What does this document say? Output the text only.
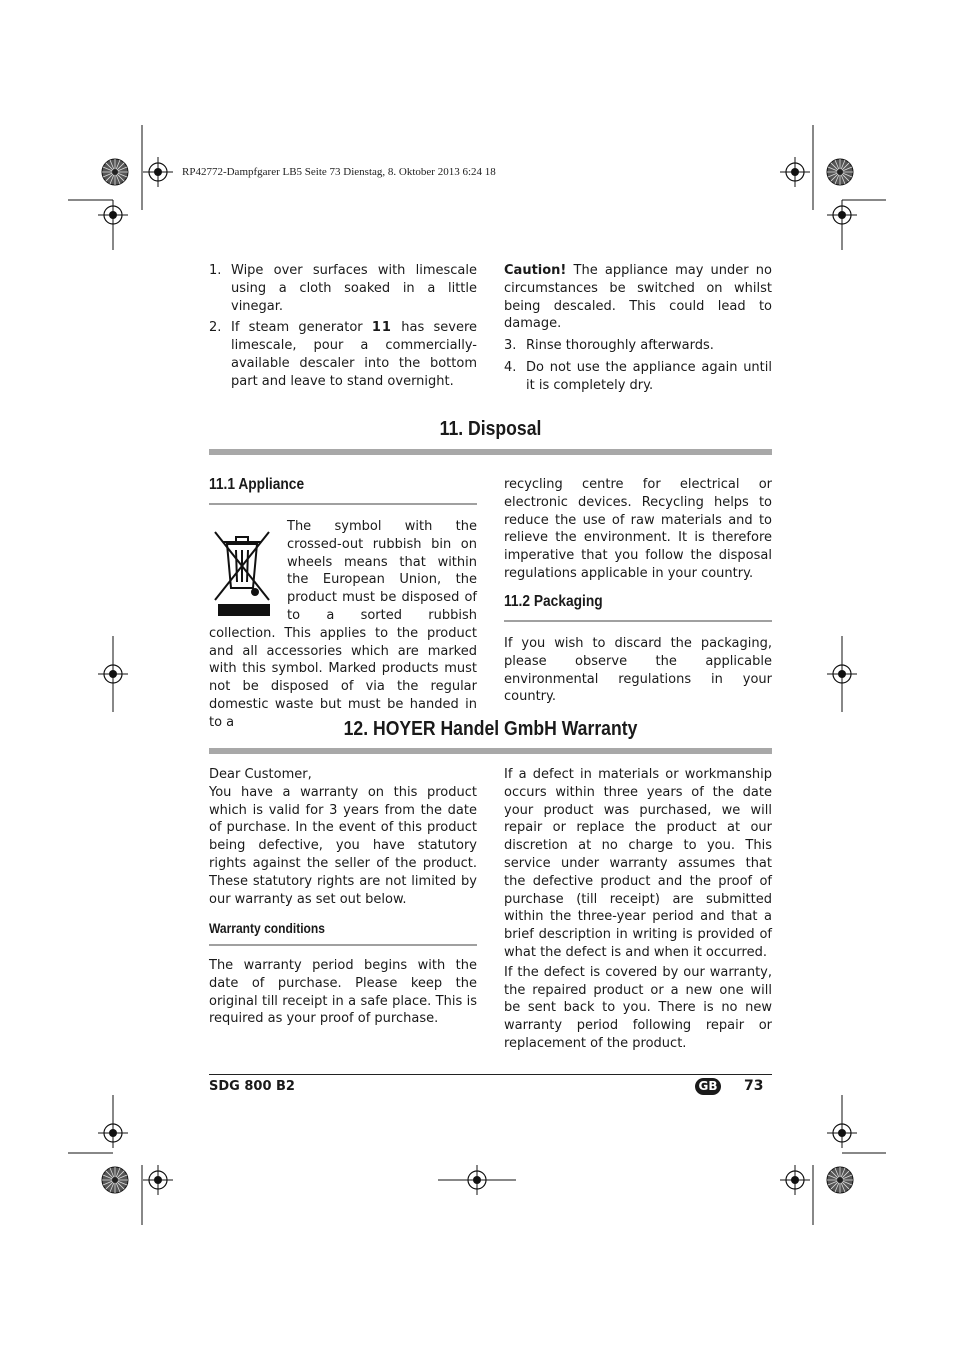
RP42772-Dampfgarer LB5 Seite 73 Dienstag, 8. Oktober 2013 6:24 18
1. Wipe over surfaces with limescale using a cloth soaked in a little vinegar.
2. If steam generator 11 has severe limescale, pour a commercially-available descaler into the bottom part and leave to stand overnight.

Caution! The appliance may under no circumstances be switched on whilst being descaled. This could lead to damage.

3. Rinse thoroughly afterwards.
4. Do not use the appliance again until it is completely dry.
11. Disposal
11.1 Appliance

The symbol with the crossed-out rubbish bin on wheels means that within the European Union, the product must be disposed of to a sorted rubbish collection. This applies to the product and all accessories which are marked with this symbol. Marked products must not be disposed of via the regular domestic waste but must be handed in to a

recycling centre for electrical or electronic devices. Recycling helps to reduce the use of raw materials and to relieve the environment. It is therefore imperative that you follow the disposal regulations applicable in your country.

11.2 Packaging

If you wish to discard the packaging, please observe the applicable environmental regulations in your country.

12. HOYER Handel GmbH Warranty

Dear Customer,

You have a warranty on this product which is valid for 3 years from the date of purchase. In the event of this product being defective, you have statutory rights against the seller of the product. These statutory rights are not limited by our warranty as set out below.

Warranty conditions

The warranty period begins with the date of purchase. Please keep the original till receipt in a safe place. This is required as your proof of purchase.

If a defect in materials or workmanship occurs within three years of the date your product was purchased, we will repair or replace the product at our discretion at no charge to you. This service under warranty assumes that the defective product and the proof of purchase (till receipt) are submitted within the three-year period and that a brief description in writing is provided of what the defect is and when it occurred.

If the defect is covered by our warranty, the repaired product or a new one will be sent back to you. There is no new warranty period following repair or replacement of the product.

SDG 800 B2	GB 73
